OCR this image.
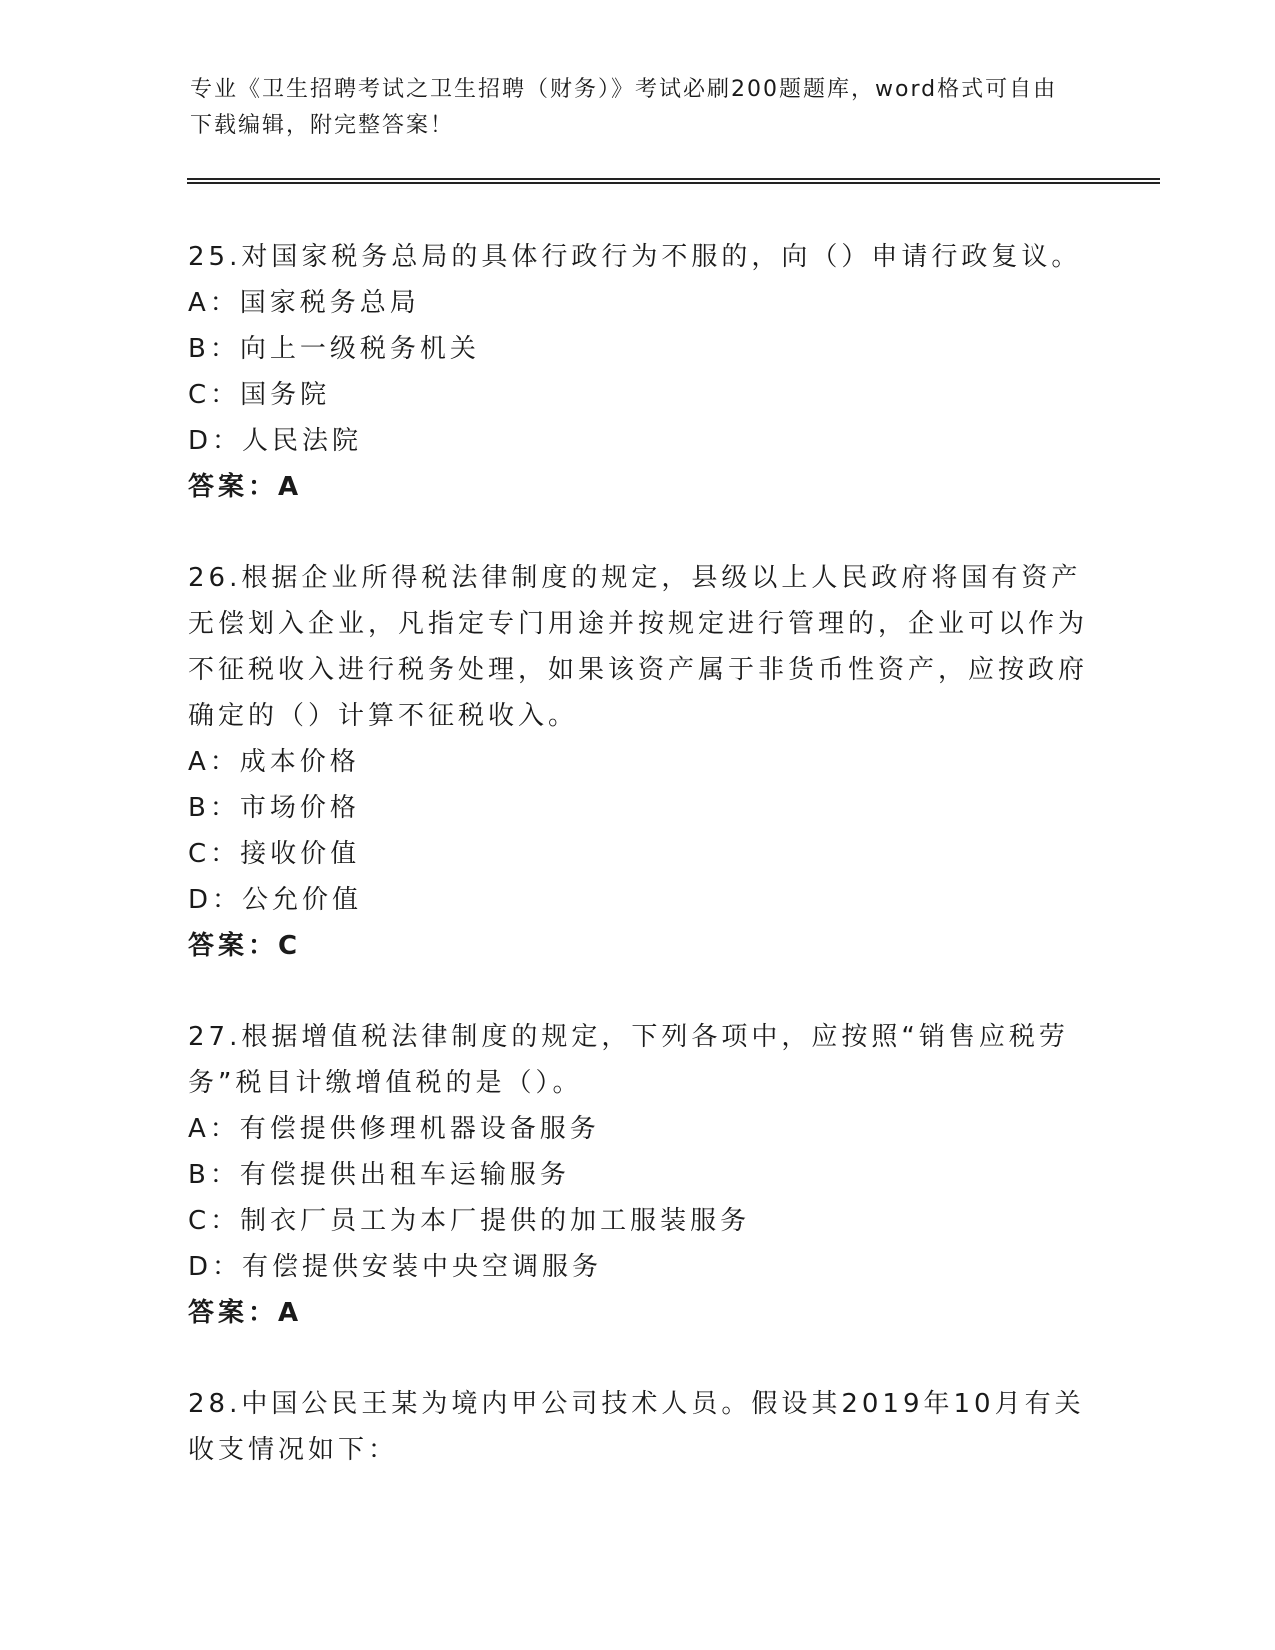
专业《卫生招聘考试之卫生招聘（财务）》考试必刷200题题库，word格式可自由下载编辑，附完整答案！
25.对国家税务总局的具体行政行为不服的，向（）申请行政复议。
A：国家税务总局
B：向上一级税务机关
C：国务院
D：人民法院
答案：A
26.根据企业所得税法律制度的规定，县级以上人民政府将国有资产无偿划入企业，凡指定专门用途并按规定进行管理的，企业可以作为不征税收入进行税务处理，如果该资产属于非货币性资产，应按政府确定的（）计算不征税收入。
A：成本价格
B：市场价格
C：接收价值
D：公允价值
答案：C
27.根据增值税法律制度的规定，下列各项中，应按照“销售应税劳务”税目计缴增值税的是（）。
A：有偿提供修理机器设备服务
B：有偿提供出租车运输服务
C：制衣厂员工为本厂提供的加工服装服务
D：有偿提供安装中央空调服务
答案：A
28.中国公民王某为境内甲公司技术人员。假设其2019年10月有关收支情况如下：
